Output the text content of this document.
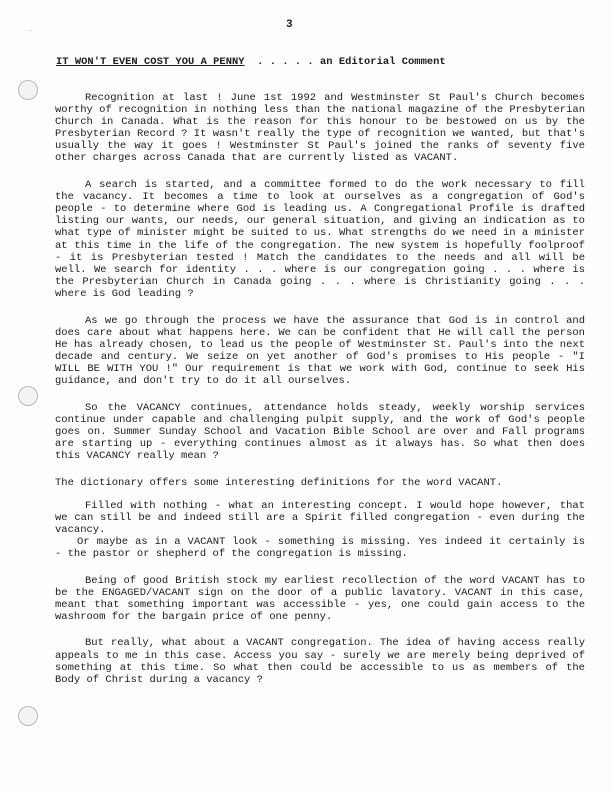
`
3
IT WON'T EVEN COST YOU A PENNY  . . . . . an Editorial Comment

Recognition at last ! June 1st 1992 and Westminster St Paul's Church becomes worthy of recognition in nothing less than the national magazine of the Presbyterian Church in Canada. What is the reason for this honour to be bestowed on us by the Presbyterian Record ? It wasn't really the type of recognition we wanted, but that's usually the way it goes ! Westminster St Paul's joined the ranks of seventy five other charges across Canada that are currently listed as VACANT.

A search is started, and a committee formed to do the work necessary to fill the vacancy. It becomes a time to look at ourselves as a congregation of God's people - to determine where God is leading us. A Congregational Profile is drafted listing our wants, our needs, our general situation, and giving an indication as to what type of minister might be suited to us. What strengths do we need in a minister at this time in the life of the congregation. The new system is hopefully foolproof - it is Presbyterian tested ! Match the candidates to the needs and all will be well. We search for identity . . . where is our congregation going . . . where is the Presbyterian Church in Canada going . . . where is Christianity going . . . where is God leading ?

As we go through the process we have the assurance that God is in control and does care about what happens here. We can be confident that He will call the person He has already chosen, to lead us the people of Westminster St. Paul's into the next decade and century. We seize on yet another of God's promises to His people - "I WILL BE WITH YOU !" Our requirement is that we work with God, continue to seek His guidance, and don't try to do it all ourselves.

So the VACANCY continues, attendance holds steady, weekly worship services continue under capable and challenging pulpit supply, and the work of God's people goes on. Summer Sunday School and Vacation Bible School are over and Fall programs are starting up - everything continues almost as it always has. So what then does this VACANCY really mean ?

The dictionary offers some interesting definitions for the word VACANT.

Filled with nothing - what an interesting concept. I would hope however, that we can still be and indeed still are a Spirit filled congregation - even during the vacancy.

Or maybe as in a VACANT look - something is missing. Yes indeed it certainly is - the pastor or shepherd of the congregation is missing.

Being of good British stock my earliest recollection of the word VACANT has to be the ENGAGED/VACANT sign on the door of a public lavatory. VACANT in this case, meant that something important was accessible - yes, one could gain access to the washroom for the bargain price of one penny.

But really, what about a VACANT congregation. The idea of having access really appeals to me in this case. Access you say - surely we are merely being deprived of something at this time. So what then could be accessible to us as members of the Body of Christ during a vacancy ?
